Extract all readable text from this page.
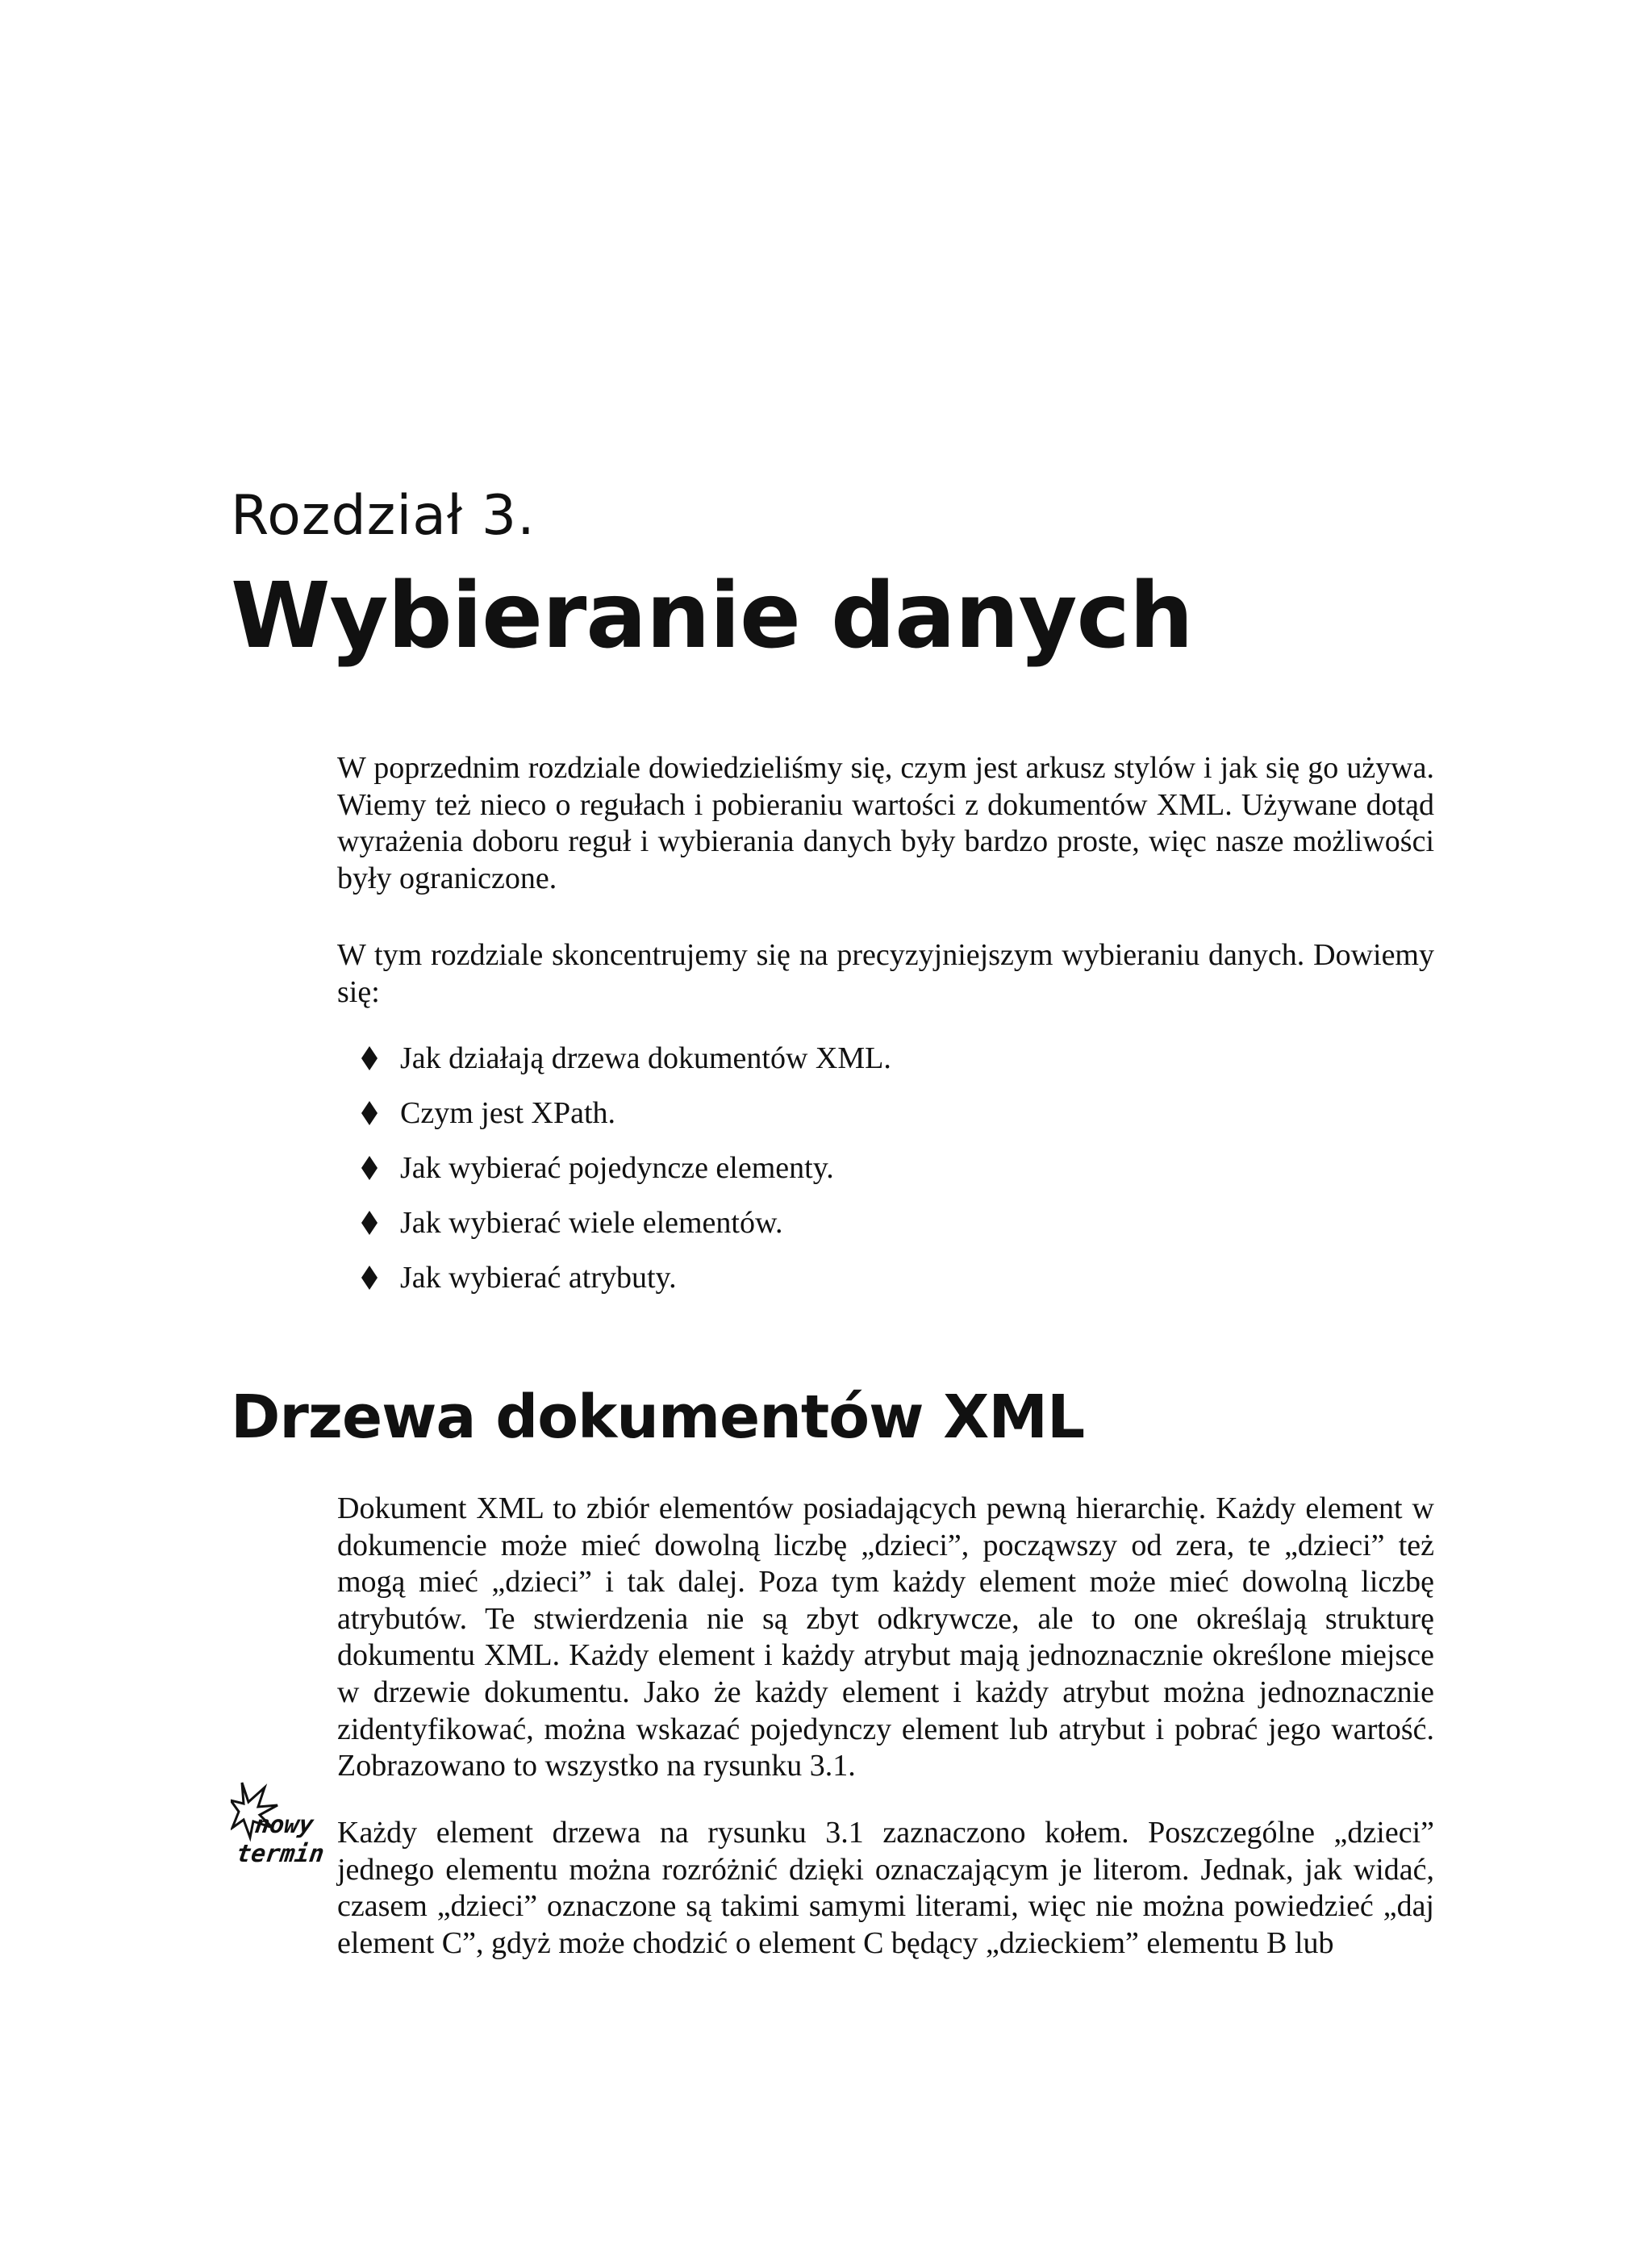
Rozdział 3.
Wybieranie danych

W poprzednim rozdziale dowiedzieliśmy się, czym jest arkusz stylów i jak się go używa. Wiemy też nieco o regułach i pobieraniu wartości z dokumentów XML. Używane dotąd wyrażenia doboru reguł i wybierania danych były bardzo proste, więc nasze możliwości były ograniczone.

W tym rozdziale skoncentrujemy się na precyzyjniejszym wybieraniu danych. Dowiemy się:

Jak działają drzewa dokumentów XML.
Czym jest XPath.
Jak wybierać pojedyncze elementy.
Jak wybierać wiele elementów.
Jak wybierać atrybuty.
Drzewa dokumentów XML

Dokument XML to zbiór elementów posiadających pewną hierarchię. Każdy element w dokumencie może mieć dowolną liczbę „dzieci”, począwszy od zera, te „dzieci” też mogą mieć „dzieci” i tak dalej. Poza tym każdy element może mieć dowolną liczbę atrybutów. Te stwierdzenia nie są zbyt odkrywcze, ale to one określają strukturę dokumentu XML. Każdy element i każdy atrybut mają jednoznacznie określone miejsce w drzewie dokumentu. Jako że każdy element i każdy atrybut można jednoznacznie zidentyfikować, można wskazać pojedynczy element lub atrybut i pobrać jego wartość. Zobrazowano to wszystko na rysunku 3.1.

nowy
termin

Każdy element drzewa na rysunku 3.1 zaznaczono kołem. Poszczególne „dzieci” jednego elementu można rozróżnić dzięki oznaczającym je literom. Jednak, jak widać, czasem „dzieci” oznaczone są takimi samymi literami, więc nie można powiedzieć „daj element C”, gdyż może chodzić o element C będący „dzieckiem” elementu B lub
